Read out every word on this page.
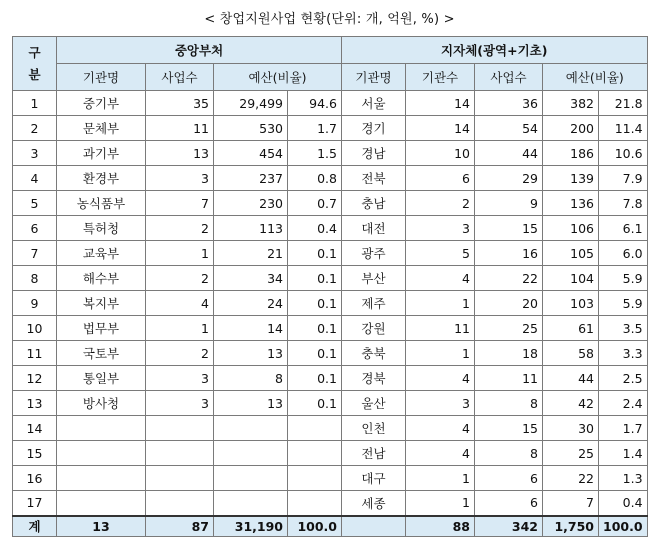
< 창업지원사업 현황(단위: 개, 억원, %) >
구
분	중앙부처				지자체(광역+기초)				
	기관명	사업수	예산(비율)		기관명	기관수	사업수	예산(비율)	
1	중기부	35	29,499	94.6	서울	14	36	382	21.8
2	문체부	11	530	1.7	경기	14	54	200	11.4
3	과기부	13	454	1.5	경남	10	44	186	10.6
4	환경부	3	237	0.8	전북	6	29	139	7.9
5	농식품부	7	230	0.7	충남	2	9	136	7.8
6	특허청	2	113	0.4	대전	3	15	106	6.1
7	교육부	1	21	0.1	광주	5	16	105	6.0
8	해수부	2	34	0.1	부산	4	22	104	5.9
9	복지부	4	24	0.1	제주	1	20	103	5.9
10	법무부	1	14	0.1	강원	11	25	61	3.5
11	국토부	2	13	0.1	충북	1	18	58	3.3
12	통일부	3	8	0.1	경북	4	11	44	2.5
13	방사청	3	13	0.1	울산	3	8	42	2.4
14					인천	4	15	30	1.7
15					전남	4	8	25	1.4
16					대구	1	6	22	1.3
17					세종	1	6	7	0.4
계	13	87	31,190	100.0		88	342	1,750	100.0
